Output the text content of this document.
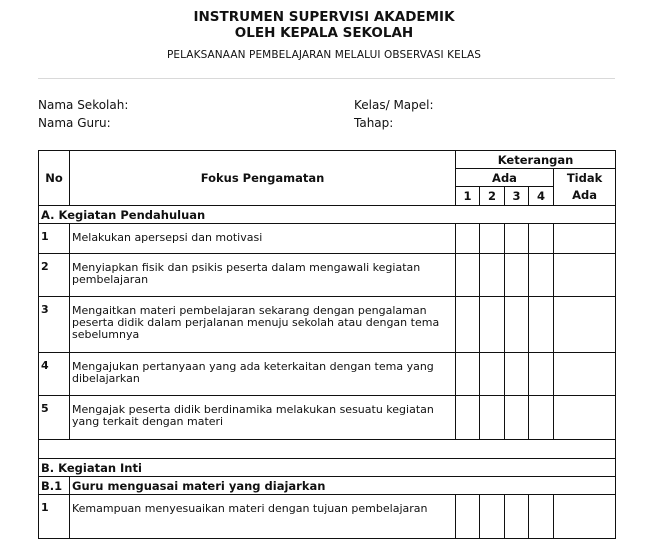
INSTRUMEN SUPERVISI AKADEMIK
OLEH KEPALA SEKOLAH
PELAKSANAAN PEMBELAJARAN MELALUI OBSERVASI KELAS
Nama Sekolah:
Nama Guru:
Kelas/ Mapel:
Tahap:
No	Fokus Pengamatan	Keterangan				
		Ada				Tidak Ada
		1	2	3	4	
A. Kegiatan Pendahuluan						
1	Melakukan apersepsi dan motivasi					
2	Menyiapkan fisik dan psikis peserta dalam mengawali kegiatan pembelajaran					
3	Mengaitkan materi pembelajaran sekarang dengan pengalaman peserta didik dalam perjalanan menuju sekolah atau dengan tema sebelumnya					
4	Mengajukan pertanyaan yang ada keterkaitan dengan tema yang dibelajarkan					
5	Mengajak peserta didik berdinamika melakukan sesuatu kegiatan yang terkait dengan materi					

B. Kegiatan Inti						
B.1	Guru menguasai materi yang diajarkan					
1	Kemampuan menyesuaikan materi dengan tujuan pembelajaran					
